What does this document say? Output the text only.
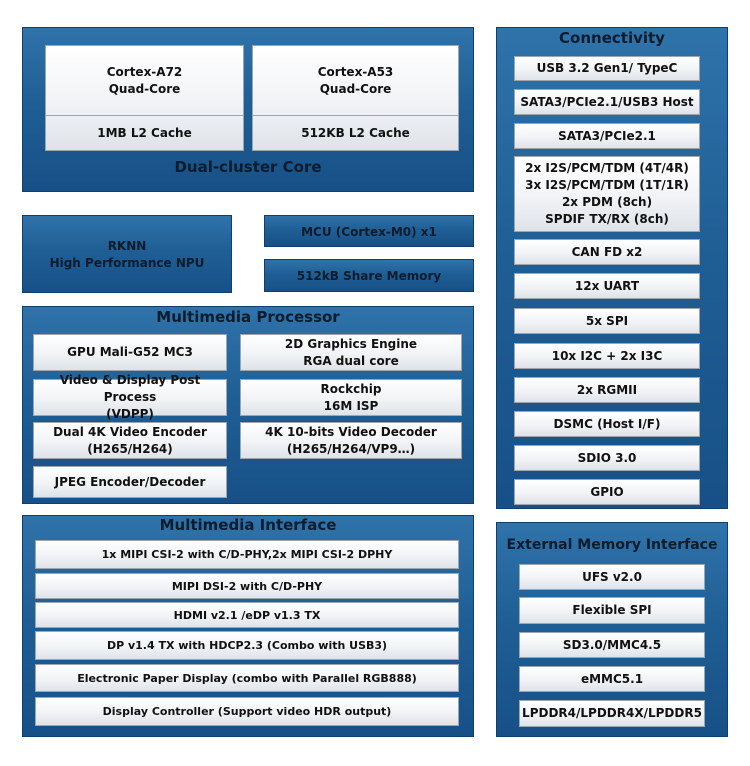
Cortex-A72
Quad-Core
1MB L2 Cache
Cortex-A53
Quad-Core
512KB L2 Cache
Dual-cluster Core
RKNN
High Performance NPU
MCU (Cortex-M0) x1
512kB Share Memory
Multimedia Processor
GPU Mali-G52 MC3
2D Graphics Engine
RGA dual core
Video & Display Post Process
(VDPP)
Rockchip
16M ISP
Dual 4K Video Encoder
(H265/H264)
4K 10-bits Video Decoder
(H265/H264/VP9…)
JPEG Encoder/Decoder
Multimedia Interface
1x MIPI CSI-2 with C/D-PHY,2x MIPI CSI-2 DPHY
MIPI DSI-2 with C/D-PHY
HDMI v2.1 /eDP v1.3 TX
DP v1.4 TX with HDCP2.3 (Combo with USB3)
Electronic Paper Display (combo with Parallel RGB888)
Display Controller (Support video HDR output)
Connectivity
USB 3.2 Gen1/ TypeC
SATA3/PCIe2.1/USB3 Host
SATA3/PCIe2.1
2x I2S/PCM/TDM (4T/4R)
3x I2S/PCM/TDM (1T/1R)
2x PDM (8ch)
SPDIF TX/RX (8ch)
CAN FD x2
12x UART
5x SPI
10x I2C + 2x I3C
2x RGMII
DSMC (Host I/F)
SDIO 3.0
GPIO
External Memory Interface
UFS v2.0
Flexible SPI
SD3.0/MMC4.5
eMMC5.1
LPDDR4/LPDDR4X/LPDDR5
